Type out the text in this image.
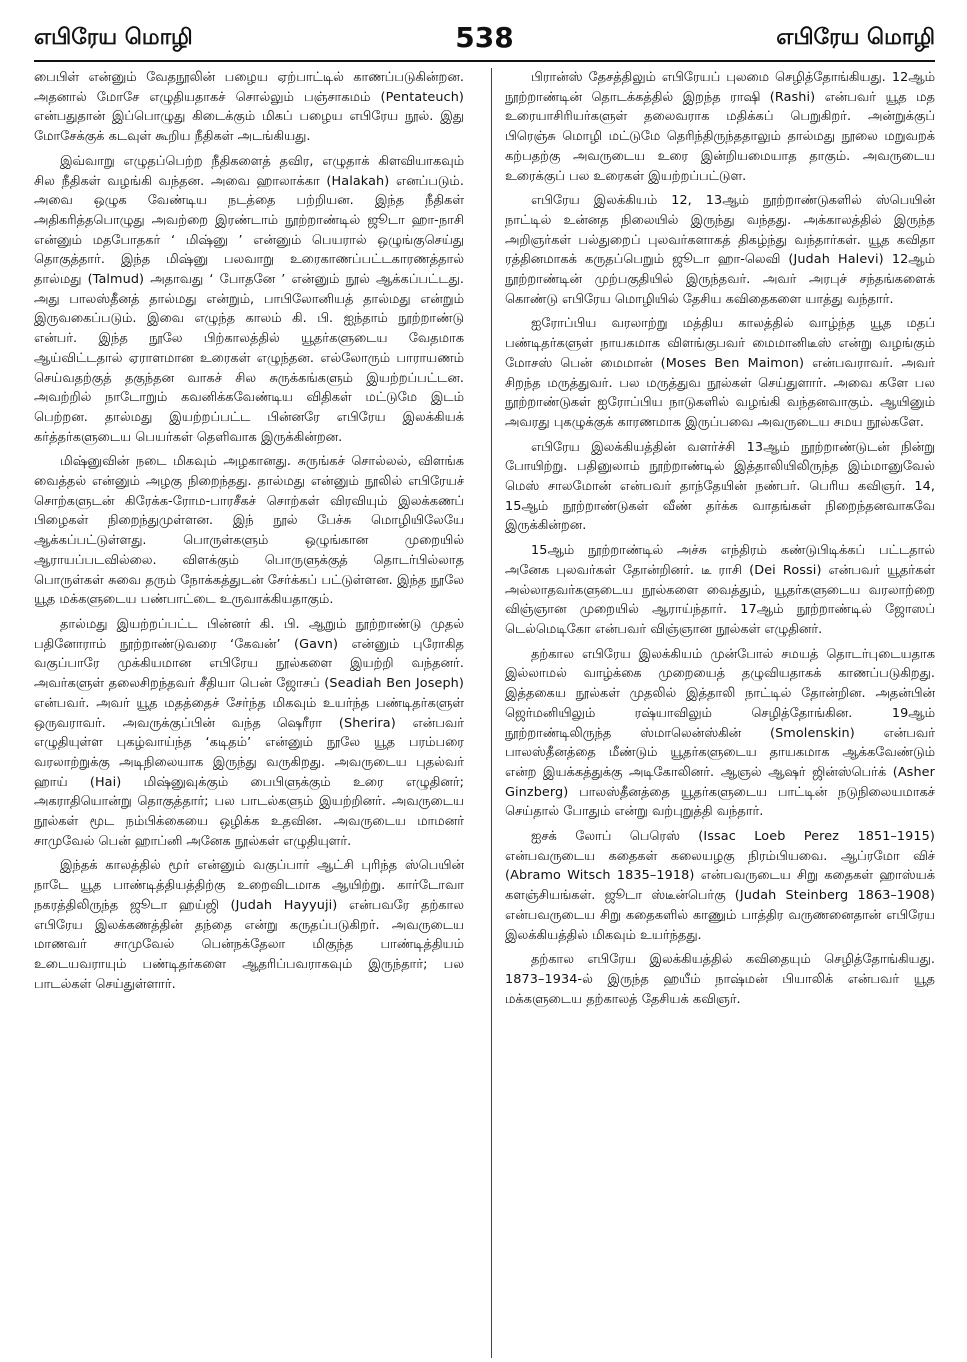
எபிரேய மொழி	538	எபிரேய மொழி

பைபிள் என்னும் வேதநூலின் பழைய ஏற்பாட்டில் காணப்படுகின்றன. அதனால் மோசே எழுதியதாகச் சொல்லும் பஞ்சாகமம் (Pentateuch) என்பதுதான் இப்பொழுது கிடைக்கும் மிகப் பழைய எபிரேய நூல். இது மோசேக்குக் கடவுள் கூறிய நீதிகள் அடங்கியது.

இவ்வாறு எழுதப்பெற்ற நீதிகளைத் தவிர, எழுதாக் கிளவியாகவும் சில நீதிகள் வழங்கி வந்தன. அவை ஹாலாக்கா (Halakah) எனப்படும். அவை ஒழுக வேண்டிய நடத்தை பற்றியன. இந்த நீதிகள் அதிகரித்தபொழுது அவற்றை இரண்டாம் நூற்றாண்டில் ஜூடா ஹா-நாசி என்னும் மதபோதகர் ‘ மிஷ்னு ’ என்னும் பெயரால் ஒழுங்குசெய்து தொகுத்தார். இந்த மிஷ்னு பலவாறு உரைகாணப்பட்டகாரணத்தால் தால்மது (Talmud) அதாவது ‘ போதனே ’ என்னும் நூல் ஆக்கப்பட்டது. அது பாலஸ்தீனத் தால்மது என்றும், பாபிலோனியத் தால்மது என்றும் இருவகைப்படும். இவை எழுந்த காலம் கி. பி. ஐந்தாம் நூற்றாண்டு என்பர். இந்த நூலே பிற்காலத்தில் யூதர்களுடைய வேதமாக ஆய்விட்டதால் ஏராளமான உரைகள் எழுந்தன. எல்லோரும் பாராயணம் செய்வதற்குத் தகுந்தன வாகச் சில சுருக்கங்களும் இயற்றப்பட்டன. அவற்றில் நாடோறும் கவனிக்கவேண்டிய விதிகள் மட்டுமே இடம் பெற்றன. தால்மது இயற்றப்பட்ட பின்னரே எபிரேய இலக்கியக் கர்த்தர்களுடைய பெயர்கள் தெளிவாக இருக்கின்றன.

மிஷ்னுவின் நடை மிகவும் அழகானது. சுருங்கச் சொல்லல், விளங்க வைத்தல் என்னும் அழகு நிறைந்தது. தால்மது என்னும் நூலில் எபிரேயச் சொற்களுடன் கிரேக்க-ரோம-பாரசீகச் சொற்கள் விரவியும் இலக்கணப் பிழைகள் நிறைந்துமுள்ளன. இந் நூல் பேச்சு மொழியிலேயே ஆக்கப்பட்டுள்ளது. பொருள்களும் ஒழுங்கான முறையில் ஆராயப்படவில்லை. விளக்கும் பொருளுக்குத் தொடர்பில்லாத பொருள்கள் சுவை தரும் நோக்கத்துடன் சேர்க்கப் பட்டுள்ளன. இந்த நூலே யூத மக்களுடைய பண்பாட்டை உருவாக்கியதாகும்.

தால்மது இயற்றப்பட்ட பின்னர் கி. பி. ஆறும் நூற்றாண்டு முதல் பதினோராம் நூற்றாண்டுவரை ‘கேவன்’ (Gavn) என்னும் புரோகித வகுப்பாரே முக்கியமான எபிரேய நூல்களை இயற்றி வந்தனர். அவர்களுள் தலைசிறந்தவர் சீதியா பென் ஜோசப் (Seadiah Ben Joseph) என்பவர். அவர் யூத மதத்தைச் சேர்ந்த மிகவும் உயர்ந்த பண்டிதர்களுள் ஒருவராவர். அவருக்குப்பின் வந்த ஷெரீரா (Sherira) என்பவர் எழுதியுள்ள புகழ்வாய்ந்த ‘கடிதம்’ என்னும் நூலே யூத பரம்பரை வரலாற்றுக்கு அடிநிலையாக இருந்து வருகிறது. அவருடைய புதல்வர் ஹாய் (Hai) மிஷ்னுவுக்கும் பைபிளுக்கும் உரை எழுதினர்; அகராதியொன்று தொகுத்தார்; பல பாடல்களும் இயற்றினர். அவருடைய நூல்கள் மூட நம்பிக்கையை ஒழிக்க உதவின. அவருடைய மாமனர் சாமுவேல் பென் ஹாப்னி அனேக நூல்கள் எழுதியுளர்.

இந்தக் காலத்தில் மூர் என்னும் வகுப்பார் ஆட்சி புரிந்த ஸ்பெயின் நாடே யூத பாண்டித்தியத்திற்கு உறைவிடமாக ஆயிற்று. கார்டோவா நகரத்திலிருந்த ஜூடா ஹய்ஜி (Judah Hayyuji) என்பவரே தற்கால எபிரேய இலக்கணத்தின் தந்தை என்று கருதப்படுகிறர். அவருடைய மாணவர் சாமுவேல் பென்நக்தேலா மிகுந்த பாண்டித்தியம் உடையவராயும் பண்டிதர்களை ஆதரிப்பவராகவும் இருந்தார்; பல பாடல்கள் செய்துள்ளார்.

பிரான்ஸ் தேசத்திலும் எபிரேயப் புலமை செழித்தோங்கியது. 12ஆம் நூற்றாண்டின் தொடக்கத்தில் இறந்த ராஷி (Rashi) என்பவர் யூத மத உரையாசிரியர்களுள் தலைவராக மதிக்கப் பெறுகிறர். அன்றுக்குப் பிரெஞ்சு மொழி மட்டுமே தெரிந்திருந்ததாலும் தால்மது நூலை மறுவறக் கற்பதற்கு அவருடைய உரை இன்றியமையாத தாகும். அவருடைய உரைக்குப் பல உரைகள் இயற்றப்பட்டுள.

எபிரேய இலக்கியம் 12, 13ஆம் நூற்றாண்டுகளில் ஸ்பெயின் நாட்டில் உன்னத நிலையில் இருந்து வந்தது. அக்காலத்தில் இருந்த அறிஞர்கள் பல்துறைப் புலவர்களாகத் திகழ்ந்து வந்தார்கள். யூத கவிதா ரத்தினமாகக் கருதப்பெறும் ஜூடா ஹா-லெவி (Judah Halevi) 12ஆம் நூற்றாண்டின் முற்பகுதியில் இருந்தவர். அவர் அரபுச் சந்தங்களைக் கொண்டு எபிரேய மொழியில் தேசிய கவிதைகளை யாத்து வந்தார்.

ஐரோப்பிய வரலாற்று மத்திய காலத்தில் வாழ்ந்த யூத மதப் பண்டிதர்களுள் நாயகமாக விளங்குபவர் மைமானிடீஸ் என்று வழங்கும் மோசஸ் பென் மைமான் (Moses Ben Maimon) என்பவராவர். அவர் சிறந்த மருத்துவர். பல மருத்துவ நூல்கள் செய்துளார். அவை களே பல நூற்றாண்டுகள் ஐரோப்பிய நாடுகளில் வழங்கி வந்தனவாகும். ஆயினும் அவரது புகழுக்குக் காரணமாக இருப்பவை அவருடைய சமய நூல்களே.

எபிரேய இலக்கியத்தின் வளர்ச்சி 13ஆம் நூற்றாண்டுடன் நின்று போயிற்று. பதினுலாம் நூற்றாண்டில் இத்தாலியிலிருந்த இம்மானுவேல் மெஸ் சாலமோன் என்பவர் தாந்தேயின் நண்பர். பெரிய கவிஞர். 14, 15ஆம் நூற்றாண்டுகள் வீண் தர்க்க வாதங்கள் நிறைந்தனவாகவே இருக்கின்றன.

15ஆம் நூற்றாண்டில் அச்சு எந்திரம் கண்டுபிடிக்கப் பட்டதால் அனேக புலவர்கள் தோன்றினர். டீ ராசி (Dei Rossi) என்பவர் யூதர்கள் அல்லாதவர்களுடைய நூல்களை வைத்தும், யூதர்களுடைய வரலாற்றை விஞ்ஞான முறையில் ஆராய்ந்தார். 17ஆம் நூற்றாண்டில் ஜோஸப் டெல்மெடிகோ என்பவர் விஞ்ஞான நூல்கள் எழுதினர்.

தற்கால எபிரேய இலக்கியம் முன்போல் சமயத் தொடர்புடையதாக இல்லாமல் வாழ்க்கை முறையைத் தழுவியதாகக் காணப்படுகிறது. இத்தகைய நூல்கள் முதலில் இத்தாலி நாட்டில் தோன்றின. அதன்பின் ஜெர்மனியிலும் ரஷ்யாவிலும் செழித்தோங்கின. 19ஆம் நூற்றாண்டிலிருந்த ஸ்மாலென்ஸ்கின் (Smolenskin) என்பவர் பாலஸ்தீனத்தை மீண்டும் யூதர்களுடைய தாயகமாக ஆக்கவேண்டும் என்ற இயக்கத்துக்கு அடிகோலினர். ஆஞல் ஆஷர் ஜின்ஸ்பெர்க் (Asher Ginzberg) பாலஸ்தீனத்தை யூதர்களுடைய பாட்டின் நடுநிலையமாகச் செய்தால் போதும் என்று வற்புறுத்தி வந்தார்.

ஐசக் லோப் பெரெஸ் (Issac Loeb Perez 1851–1915) என்பவருடைய கதைகள் கலையழகு நிரம்பியவை. ஆப்ரமோ விச் (Abramo Witsch 1835–1918) என்பவருடைய சிறு கதைகள் ஹாஸ்யக் களஞ்சியங்கள். ஜூடா ஸ்டீன்பெர்கு (Judah Steinberg 1863–1908) என்பவருடைய சிறு கதைகளில் காணும் பாத்திர வருணனைதான் எபிரேய இலக்கியத்தில் மிகவும் உயர்ந்தது.

தற்கால எபிரேய இலக்கியத்தில் கவிதையும் செழித்தோங்கியது. 1873–1934-ல் இருந்த ஹயீம் நாஷ்மன் பியாலிக் என்பவர் யூத மக்களுடைய தற்காலத் தேசியக் கவிஞர்.
